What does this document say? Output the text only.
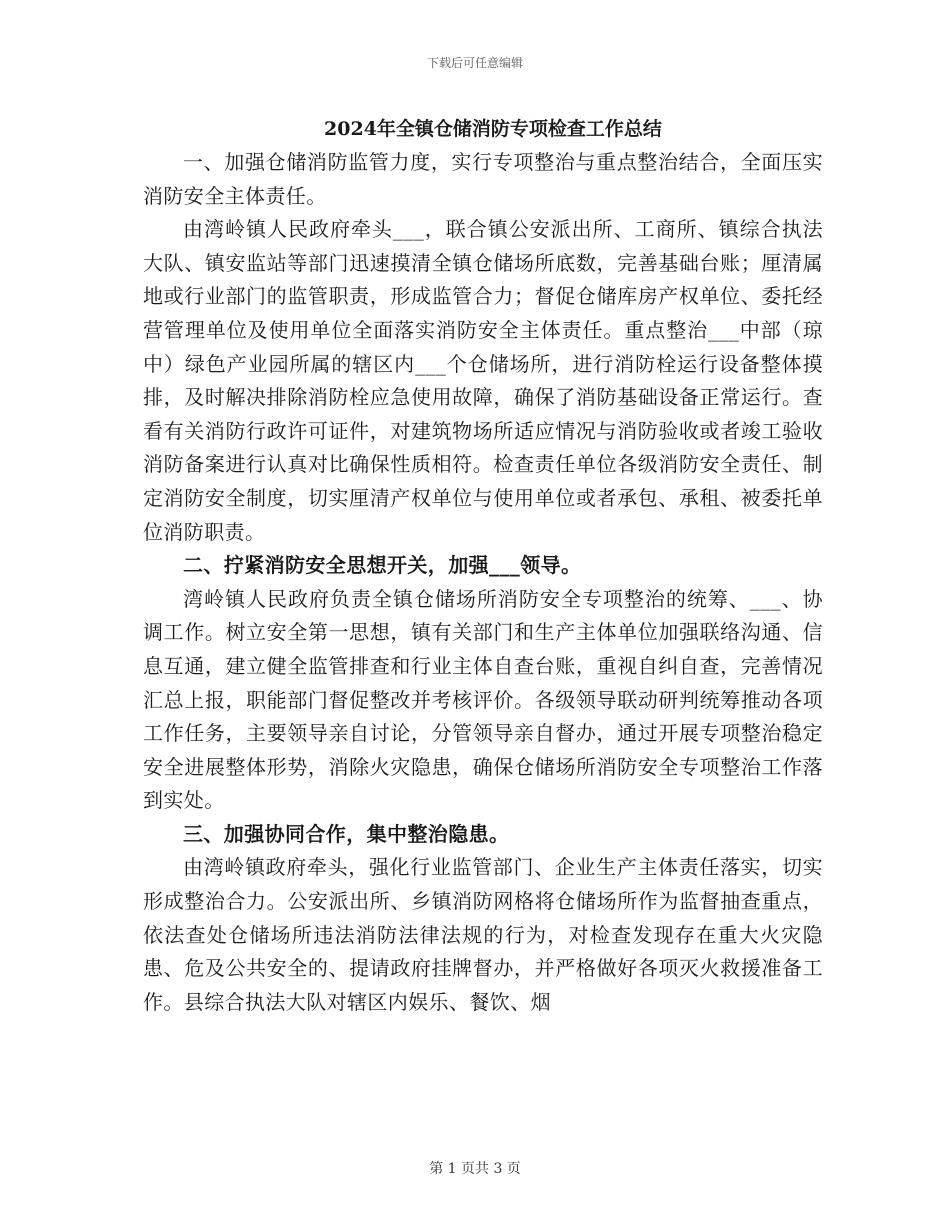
下载后可任意编辑
2024年全镇仓储消防专项检查工作总结

一、加强仓储消防监管力度，实行专项整治与重点整治结合，全面压实消防安全主体责任。

由湾岭镇人民政府牵头___，联合镇公安派出所、工商所、镇综合执法大队、镇安监站等部门迅速摸清全镇仓储场所底数，完善基础台账；厘清属地或行业部门的监管职责，形成监管合力；督促仓储库房产权单位、委托经营管理单位及使用单位全面落实消防安全主体责任。重点整治___中部（琼中）绿色产业园所属的辖区内___个仓储场所，进行消防栓运行设备整体摸排，及时解决排除消防栓应急使用故障，确保了消防基础设备正常运行。查看有关消防行政许可证件，对建筑物场所适应情况与消防验收或者竣工验收消防备案进行认真对比确保性质相符。检查责任单位各级消防安全责任、制定消防安全制度，切实厘清产权单位与使用单位或者承包、承租、被委托单位消防职责。

二、拧紧消防安全思想开关，加强___领导。

湾岭镇人民政府负责全镇仓储场所消防安全专项整治的统筹、___、协调工作。树立安全第一思想，镇有关部门和生产主体单位加强联络沟通、信息互通，建立健全监管排查和行业主体自查台账，重视自纠自查，完善情况汇总上报，职能部门督促整改并考核评价。各级领导联动研判统筹推动各项工作任务，主要领导亲自讨论，分管领导亲自督办，通过开展专项整治稳定安全进展整体形势，消除火灾隐患，确保仓储场所消防安全专项整治工作落到实处。

三、加强协同合作，集中整治隐患。

由湾岭镇政府牵头，强化行业监管部门、企业生产主体责任落实，切实形成整治合力。公安派出所、乡镇消防网格将仓储场所作为监督抽查重点，依法查处仓储场所违法消防法律法规的行为，对检查发现存在重大火灾隐患、危及公共安全的、提请政府挂牌督办，并严格做好各项灭火救援准备工作。县综合执法大队对辖区内娱乐、餐饮、烟

第 1 页共 3 页
